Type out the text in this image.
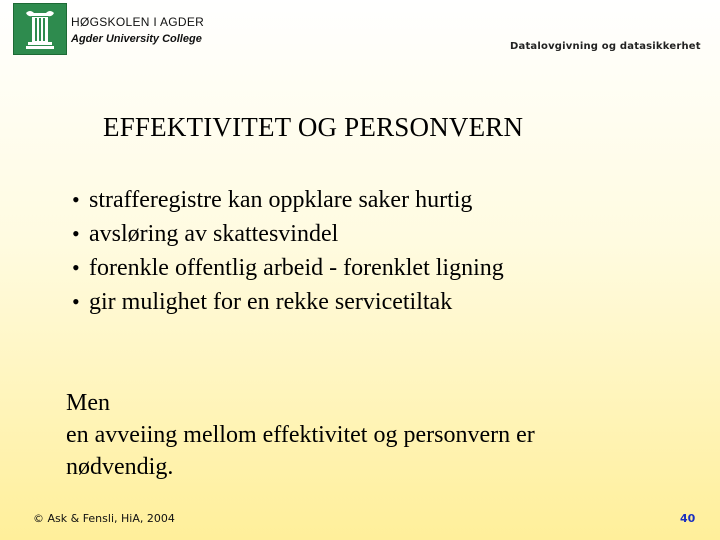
HØGSKOLEN I AGDER
Agder University College
Datalovgivning og datasikkerhet
EFFEKTIVITET OG PERSONVERN
• strafferegistre kan oppklare saker hurtig
• avsløring av skattesvindel
• forenkle offentlig arbeid - forenklet ligning
• gir mulighet for en rekke servicetiltak
Men
en avveiing mellom effektivitet og personvern er
nødvendig.
© Ask & Fensli, HiA, 2004	40
